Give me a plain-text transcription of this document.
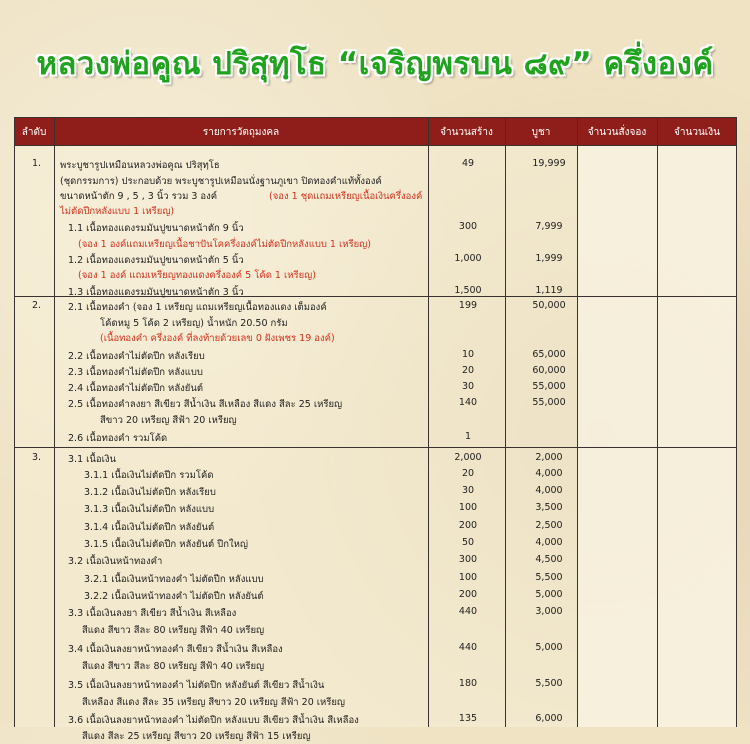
หลวงพ่อคูณ ปริสุทฺโธ “เจริญพรบน ๘๙” ครึ่งองค์
ลำดับ	รายการวัตถุมงคล	จำนวนสร้าง	บูชา	จำนวนสั่งจอง	จำนวนเงิน
1. พระบูชารูปเหมือนหลวงพ่อคูณ ปริสุทฺโธ	49	19,999
(ชุดกรรมการ) ประกอบด้วย พระบูชารูปเหมือนนั่งฐานภูเขา ปิดทองคำแท้ทั้งองค์
ขนาดหน้าตัก 9 , 5 , 3 นิ้ว รวม 3 องค์	(จอง 1 ชุดแถมเหรียญเนื้อเงินครึ่งองค์
ไม่ตัดปีกหลังแบบ 1 เหรียญ)
1.1 เนื้อทองแดงรมมันปูขนาดหน้าตัก 9 นิ้ว	300	7,999
(จอง 1 องค์แถมเหรียญเนื้อชาปันโคครึ่งองค์ไม่ตัดปีกหลังแบบ 1 เหรียญ)
1.2 เนื้อทองแดงรมมันปูขนาดหน้าตัก 5 นิ้ว	1,000	1,999
(จอง 1 องค์ แถมเหรียญทองแดงครึ่งองค์ 5 โค้ด 1 เหรียญ)
1.3 เนื้อทองแดงรมมันปูขนาดหน้าตัก 3 นิ้ว	1,500	1,119
2.	2.1 เนื้อทองคำ (จอง 1 เหรียญ แถมเหรียญเนื้อทองแดง เต็มองค์	199	50,000
โค้ดหมู 5 โค้ด 2 เหรียญ) น้ำหนัก 20.50 กรัม
(เนื้อทองคำ ครึ่งองค์ ที่ลงท้ายด้วยเลข 0 ฝังเพชร 19 องค์)
2.2 เนื้อทองคำไม่ตัดปีก หลังเรียบ	10	65,000
2.3 เนื้อทองคำไม่ตัดปีก หลังแบบ	20	60,000
2.4 เนื้อทองคำไม่ตัดปีก หลังยันต์	30	55,000
2.5 เนื้อทองคำลงยา สีเขียว สีน้ำเงิน สีเหลือง สีแดง สีละ 25 เหรียญ	140	55,000
สีขาว 20 เหรียญ สีฟ้า 20 เหรียญ
2.6 เนื้อทองคำ รวมโค้ด	1
3.	3.1 เนื้อเงิน	2,000	2,000
3.1.1 เนื้อเงินไม่ตัดปีก รวมโค้ด	20	4,000
3.1.2 เนื้อเงินไม่ตัดปีก หลังเรียบ	30	4,000
3.1.3 เนื้อเงินไม่ตัดปีก หลังแบบ	100	3,500
3.1.4 เนื้อเงินไม่ตัดปีก หลังยันต์	200	2,500
3.1.5 เนื้อเงินไม่ตัดปีก หลังยันต์ ปีกใหญ่	50	4,000
3.2 เนื้อเงินหน้าทองคำ	300	4,500
3.2.1 เนื้อเงินหน้าทองคำ ไม่ตัดปีก หลังแบบ	100	5,500
3.2.2 เนื้อเงินหน้าทองคำ ไม่ตัดปีก หลังยันต์	200	5,000
3.3 เนื้อเงินลงยา สีเขียว สีน้ำเงิน สีเหลือง	440	3,000
สีแดง สีขาว สีละ 80 เหรียญ สีฟ้า 40 เหรียญ
3.4 เนื้อเงินลงยาหน้าทองคำ สีเขียว สีน้ำเงิน สีเหลือง	440	5,000
สีแดง สีขาว สีละ 80 เหรียญ สีฟ้า 40 เหรียญ
3.5 เนื้อเงินลงยาหน้าทองคำ ไม่ตัดปีก หลังยันต์ สีเขียว สีน้ำเงิน	180	5,500
สีเหลือง สีแดง สีละ 35 เหรียญ สีขาว 20 เหรียญ สีฟ้า 20 เหรียญ
3.6 เนื้อเงินลงยาหน้าทองคำ ไม่ตัดปีก หลังแบบ สีเขียว สีน้ำเงิน สีเหลือง	135	6,000
สีแดง สีละ 25 เหรียญ สีขาว 20 เหรียญ สีฟ้า 15 เหรียญ
